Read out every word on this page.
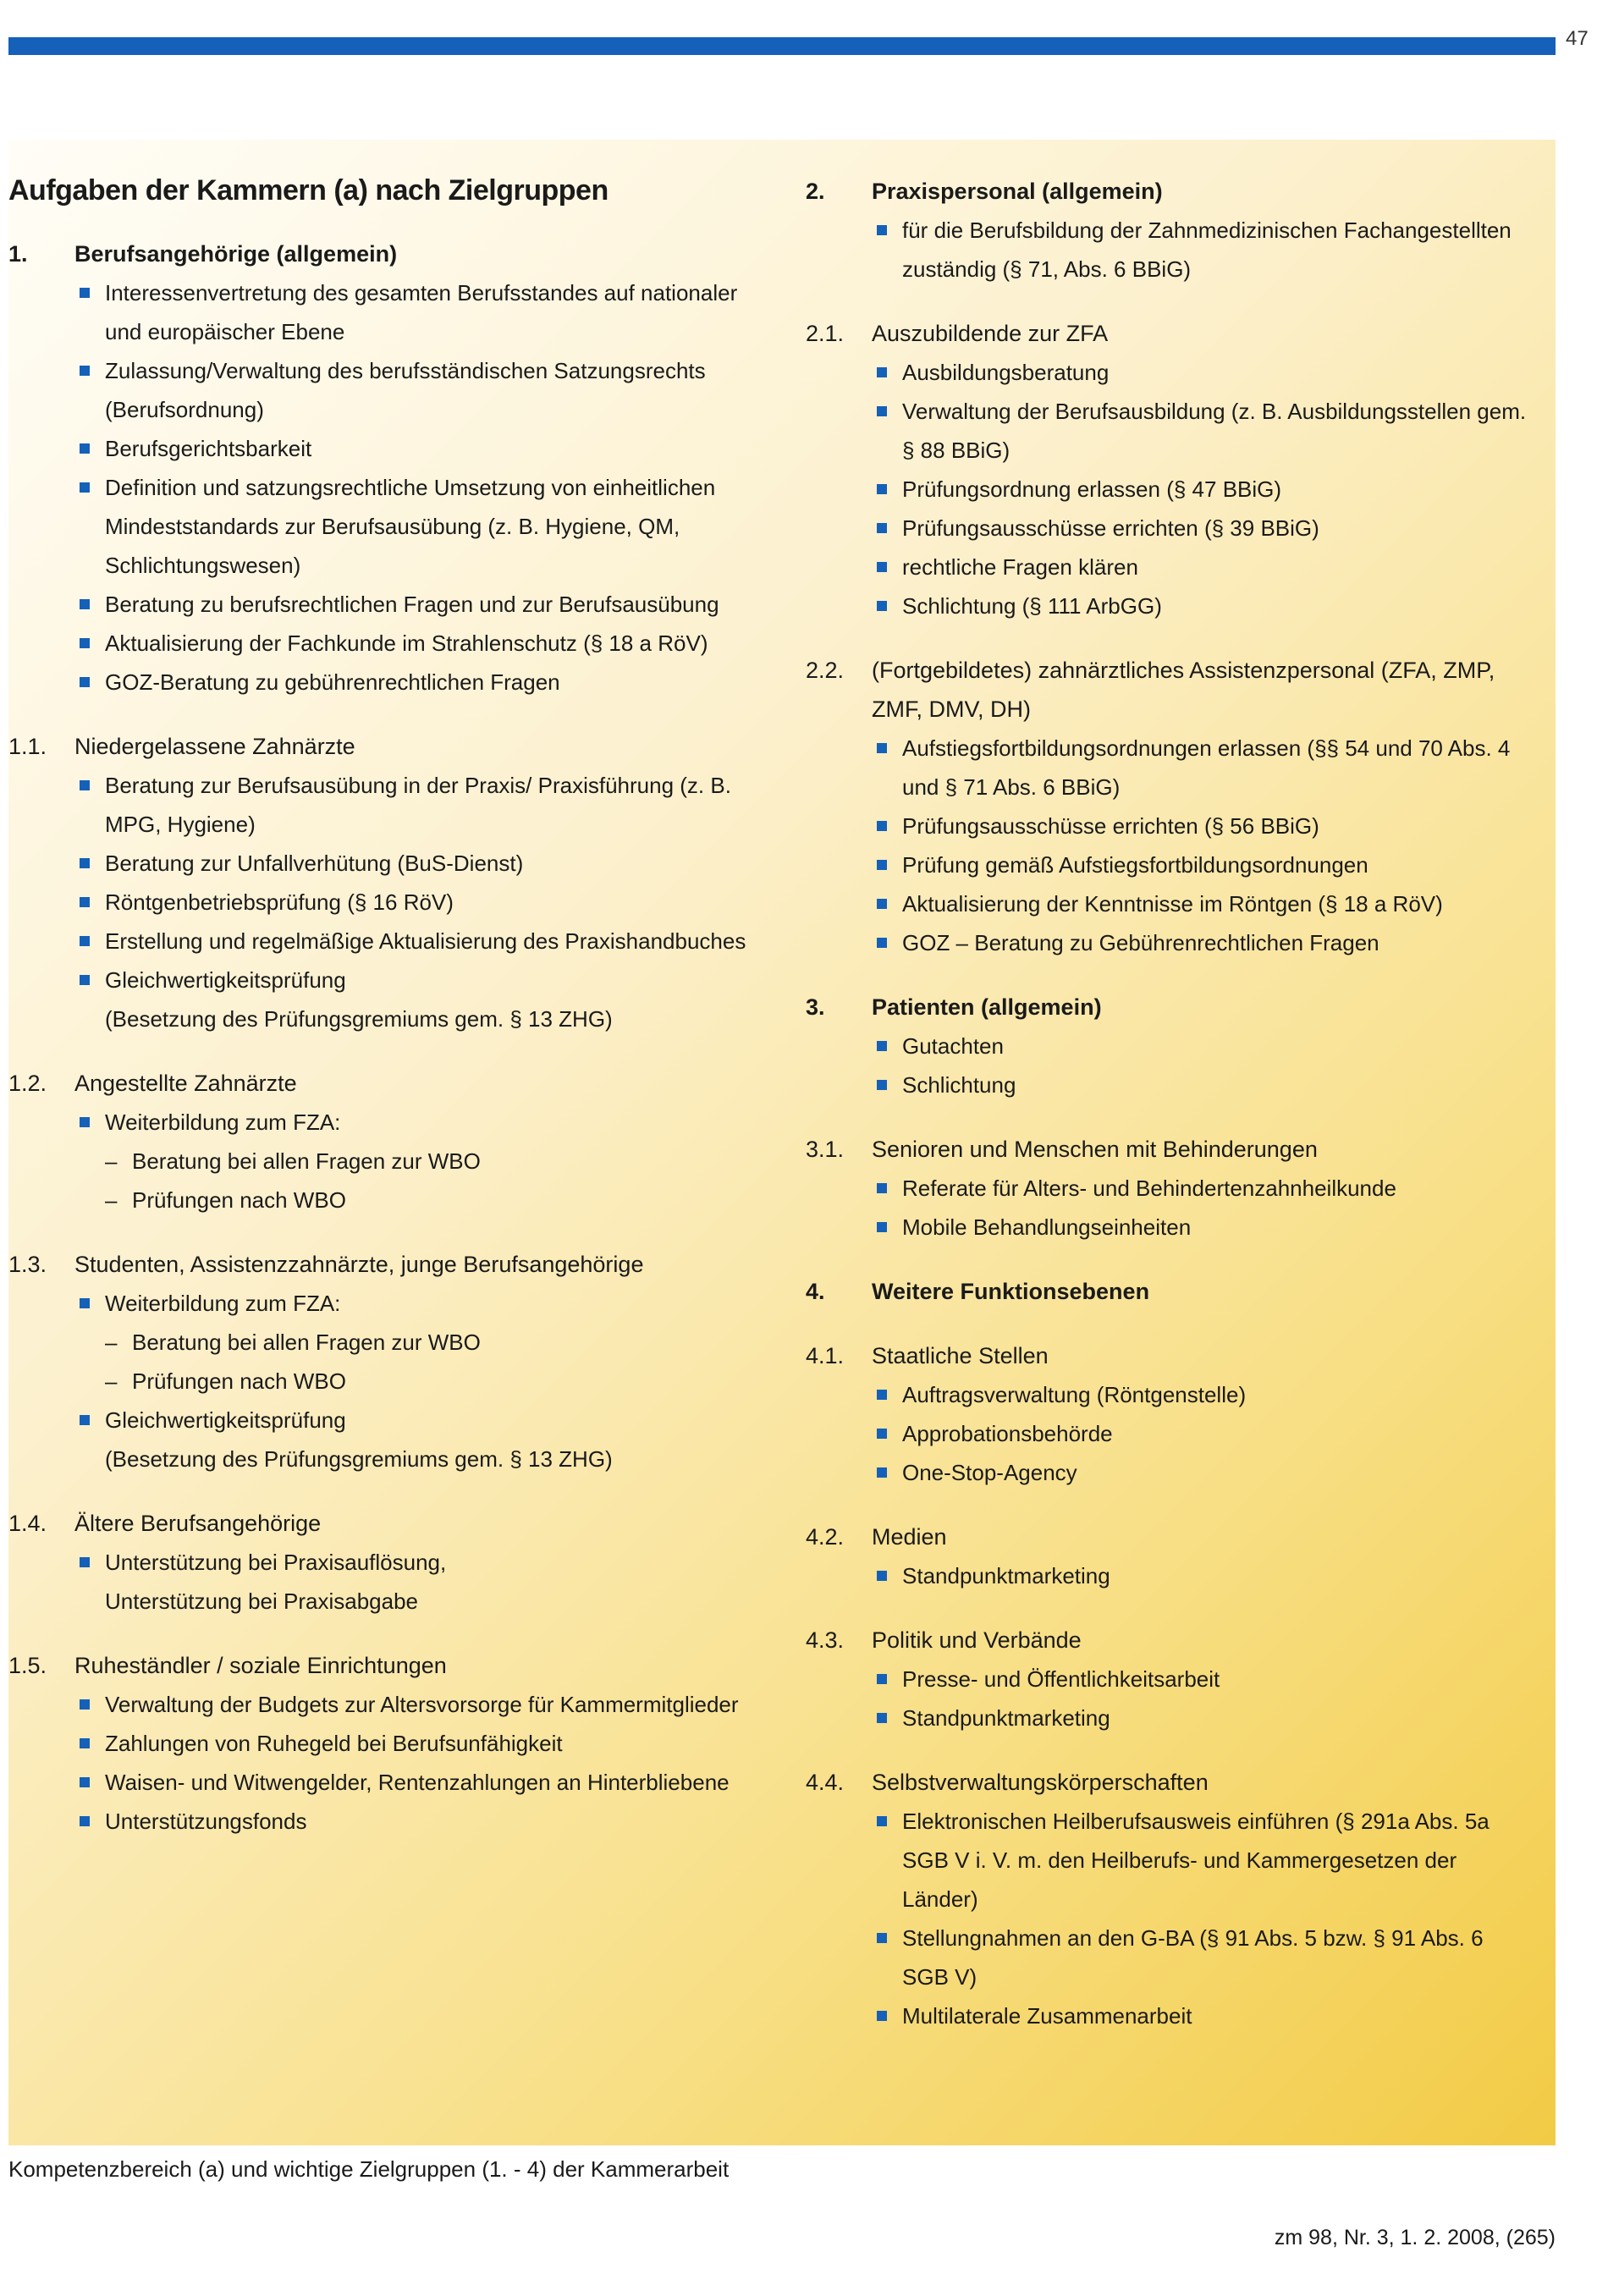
47
Aufgaben der Kammern (a) nach Zielgruppen
1.	Berufsangehörige (allgemein)
Interessenvertretung des gesamten Berufsstandes auf nationaler und europäischer Ebene
Zulassung/Verwaltung des berufsständischen Satzungsrechts
(Berufsordnung)
Berufsgerichtsbarkeit
Definition und satzungsrechtliche Umsetzung von einheitlichen Mindeststandards zur Berufsausübung (z. B. Hygiene, QM, Schlichtungswesen)
Beratung zu berufsrechtlichen Fragen und zur Berufsausübung
Aktualisierung der Fachkunde im Strahlenschutz (§ 18 a RöV)
GOZ-Beratung zu gebührenrechtlichen Fragen
1.1.	Niedergelassene Zahnärzte
Beratung zur Berufsausübung in der Praxis/ Praxisführung (z. B. MPG, Hygiene)
Beratung zur Unfallverhütung (BuS-Dienst)
Röntgenbetriebsprüfung (§ 16 RöV)
Erstellung und regelmäßige Aktualisierung des Praxishandbuches
Gleichwertigkeitsprüfung
(Besetzung des Prüfungsgremiums gem. § 13 ZHG)
1.2.	Angestellte Zahnärzte
Weiterbildung zum FZA:
– Beratung bei allen Fragen zur WBO
– Prüfungen nach WBO
1.3.	Studenten, Assistenzzahnärzte, junge Berufsangehörige
Weiterbildung zum FZA:
– Beratung bei allen Fragen zur WBO
– Prüfungen nach WBO
Gleichwertigkeitsprüfung
(Besetzung des Prüfungsgremiums gem. § 13 ZHG)
1.4.	Ältere Berufsangehörige
Unterstützung bei Praxisauflösung,
Unterstützung bei Praxisabgabe
1.5.	Ruheständler / soziale Einrichtungen
Verwaltung der Budgets zur Altersvorsorge für Kammermitglieder
Zahlungen von Ruhegeld bei Berufsunfähigkeit
Waisen- und Witwengelder, Rentenzahlungen an Hinterbliebene
Unterstützungsfonds
2.	Praxispersonal (allgemein)
für die Berufsbildung der Zahnmedizinischen Fachangestellten zuständig (§ 71, Abs. 6 BBiG)
2.1.	Auszubildende zur ZFA
Ausbildungsberatung
Verwaltung der Berufsausbildung (z. B. Ausbildungsstellen gem. § 88 BBiG)
Prüfungsordnung erlassen (§ 47 BBiG)
Prüfungsausschüsse errichten (§ 39 BBiG)
rechtliche Fragen klären
Schlichtung (§ 111 ArbGG)
2.2.	(Fortgebildetes) zahnärztliches Assistenzpersonal (ZFA, ZMP, ZMF, DMV, DH)
Aufstiegsfortbildungsordnungen erlassen (§§ 54 und 70 Abs. 4 und § 71 Abs. 6 BBiG)
Prüfungsausschüsse errichten (§ 56 BBiG)
Prüfung gemäß Aufstiegsfortbildungsordnungen
Aktualisierung der Kenntnisse im Röntgen (§ 18 a RöV)
GOZ – Beratung zu Gebührenrechtlichen Fragen
3.	Patienten (allgemein)
Gutachten
Schlichtung
3.1.	Senioren und Menschen mit Behinderungen
Referate für Alters- und Behindertenzahnheilkunde
Mobile Behandlungseinheiten
4.	Weitere Funktionsebenen
4.1.	Staatliche Stellen
Auftragsverwaltung (Röntgenstelle)
Approbationsbehörde
One-Stop-Agency
4.2.	Medien
Standpunktmarketing
4.3.	Politik und Verbände
Presse- und Öffentlichkeitsarbeit
Standpunktmarketing
4.4.	Selbstverwaltungskörperschaften
Elektronischen Heilberufsausweis einführen (§ 291a Abs. 5a SGB V i. V. m. den Heilberufs- und Kammergesetzen der Länder)
Stellungnahmen an den G-BA (§ 91 Abs. 5 bzw. § 91 Abs. 6 SGB V)
Multilaterale Zusammenarbeit
Kompetenzbereich (a) und wichtige Zielgruppen (1. - 4) der Kammerarbeit
zm 98, Nr. 3, 1. 2. 2008, (265)
